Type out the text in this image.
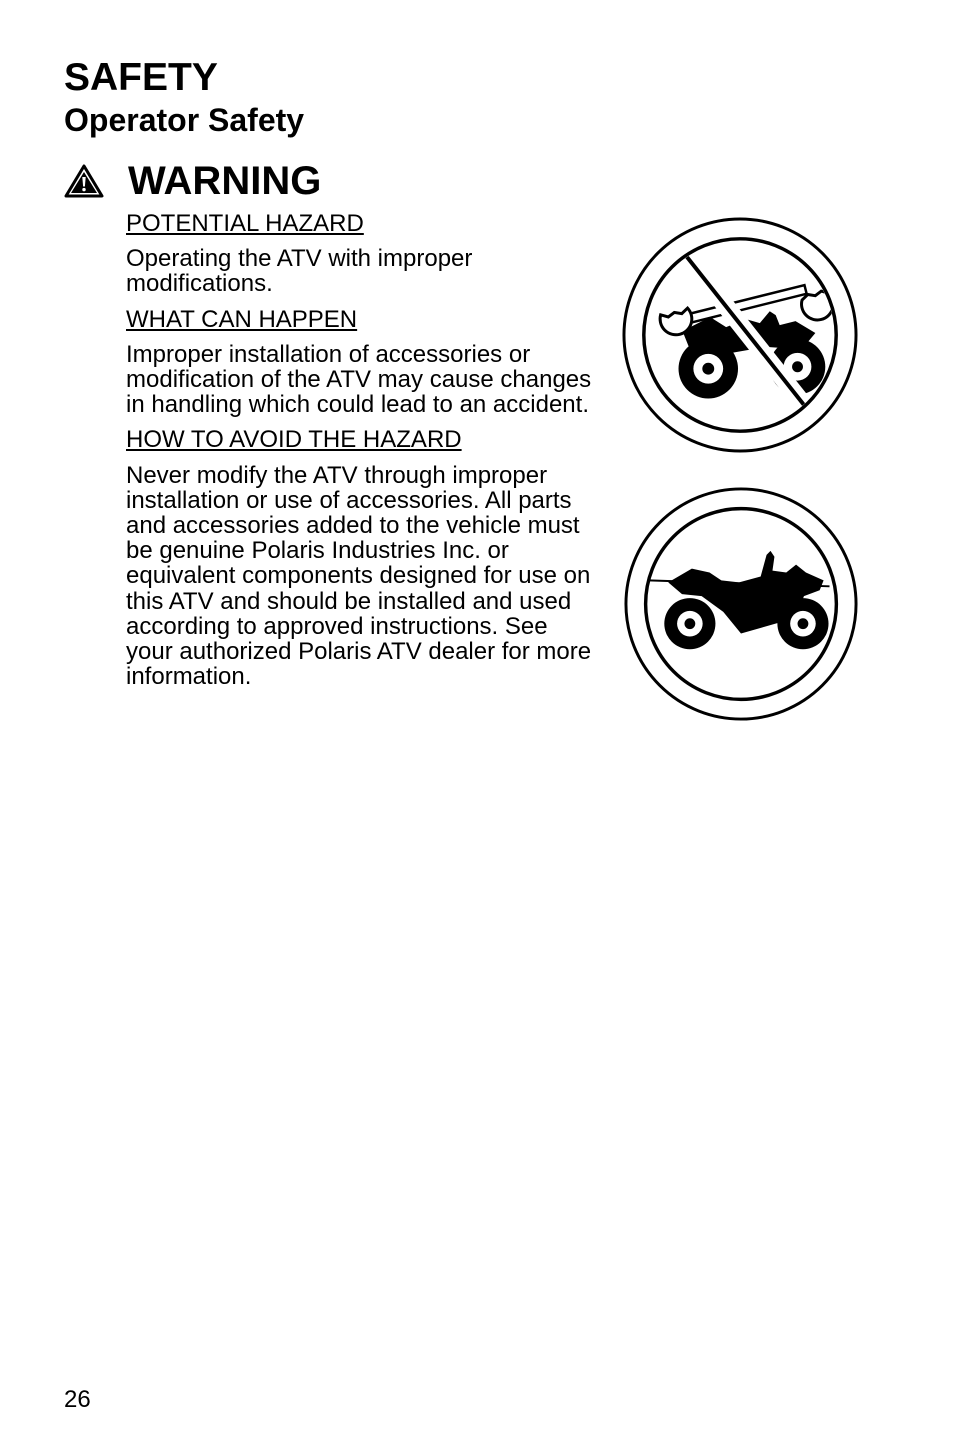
SAFETY
Operator Safety
WARNING

POTENTIAL HAZARD

Operating the ATV with improper modifications.

WHAT CAN HAPPEN

Improper installation of accessories or modification of the ATV may cause changes in handling which could lead to an accident.

HOW TO AVOID THE HAZARD

Never modify the ATV through improper installation or use of accessories. All parts and accessories added to the vehicle must be genuine Polaris Industries Inc. or equivalent components designed for use on this ATV and should be installed and used according to approved instructions. See your authorized Polaris ATV dealer for more information.

26
